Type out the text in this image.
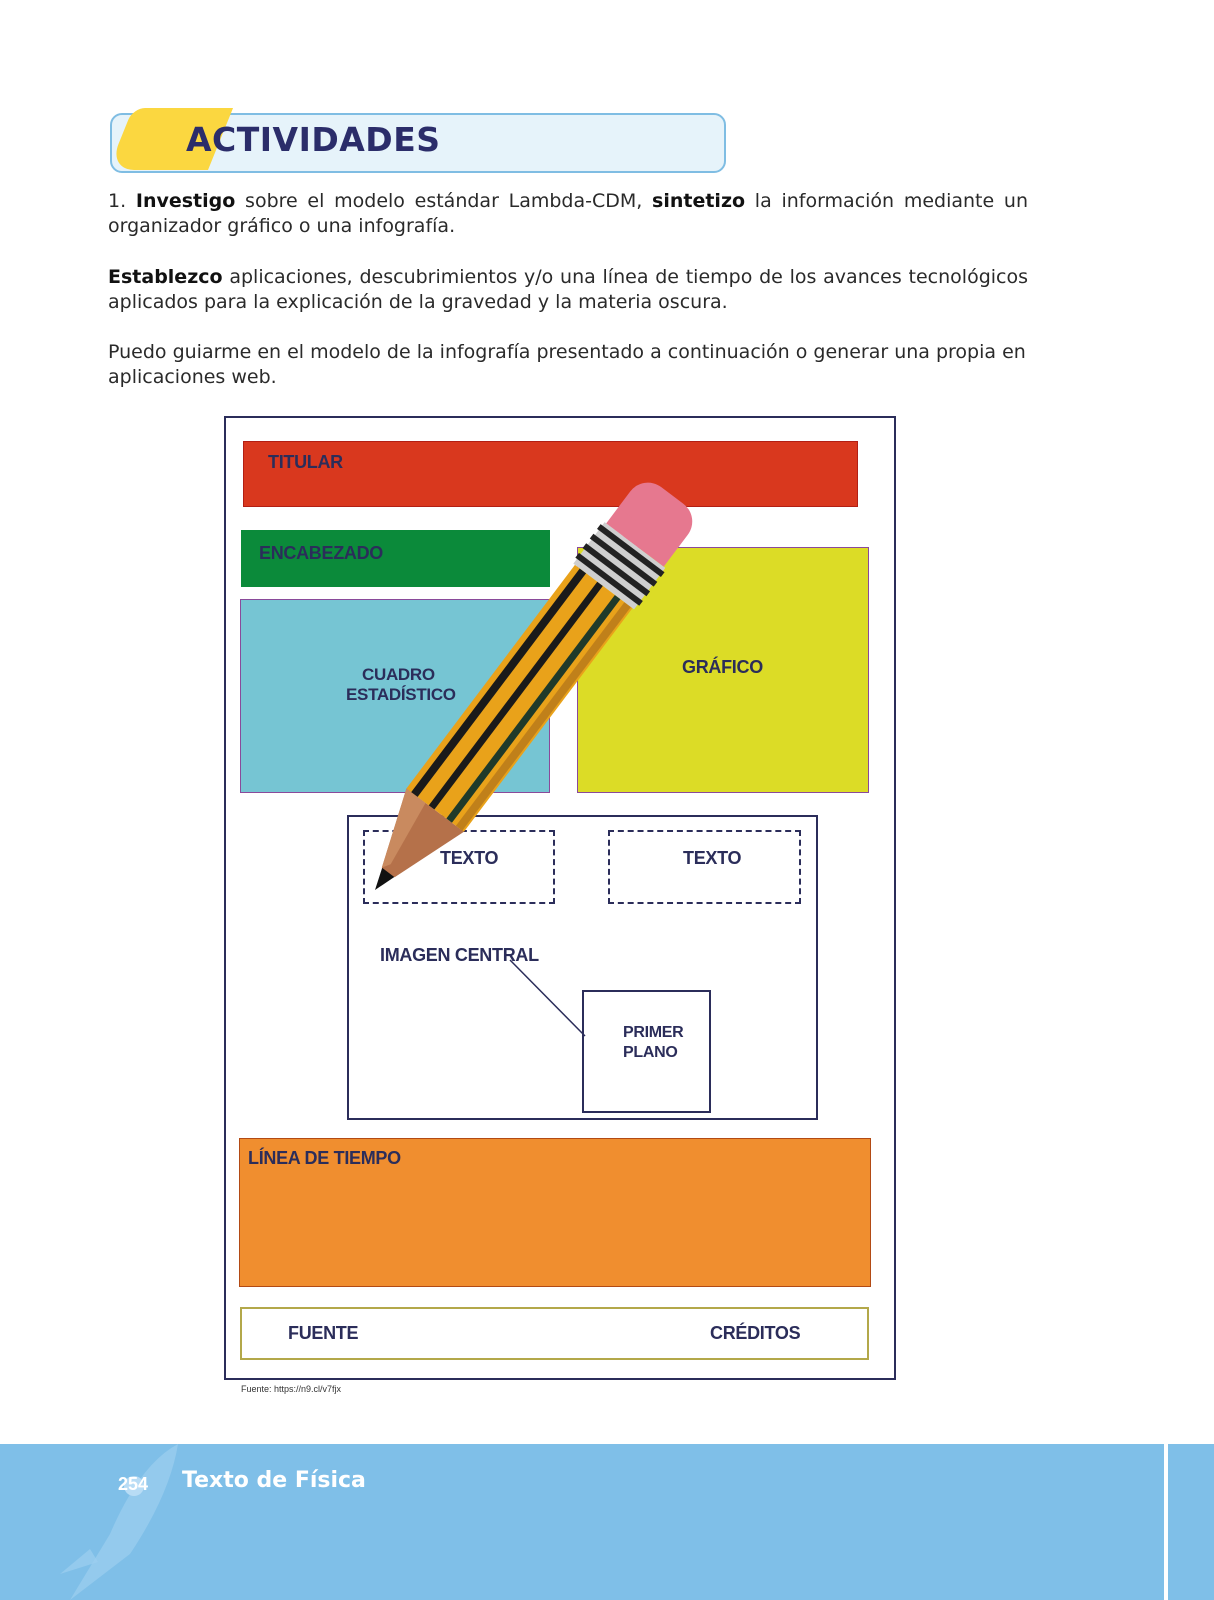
ACTIVIDADES
1. Investigo sobre el modelo estándar Lambda-CDM, sintetizo la información mediante un organizador gráfico o una infografía.
Establezco aplicaciones, descubrimientos y/o una línea de tiempo de los avances tecnológicos aplicados para la explicación de la gravedad y la materia oscura.
Puedo guiarme en el modelo de la infografía presentado a continuación o generar una propia en aplicaciones web.
TITULAR
ENCABEZADO
CUADRO
ESTADÍSTICO
GRÁFICO
TEXTO	TEXTO
IMAGEN CENTRAL
PRIMER
PLANO
LÍNEA DE TIEMPO
FUENTE	CRÉDITOS
Fuente: https://n9.cl/v7fjx
254 Texto de Física
